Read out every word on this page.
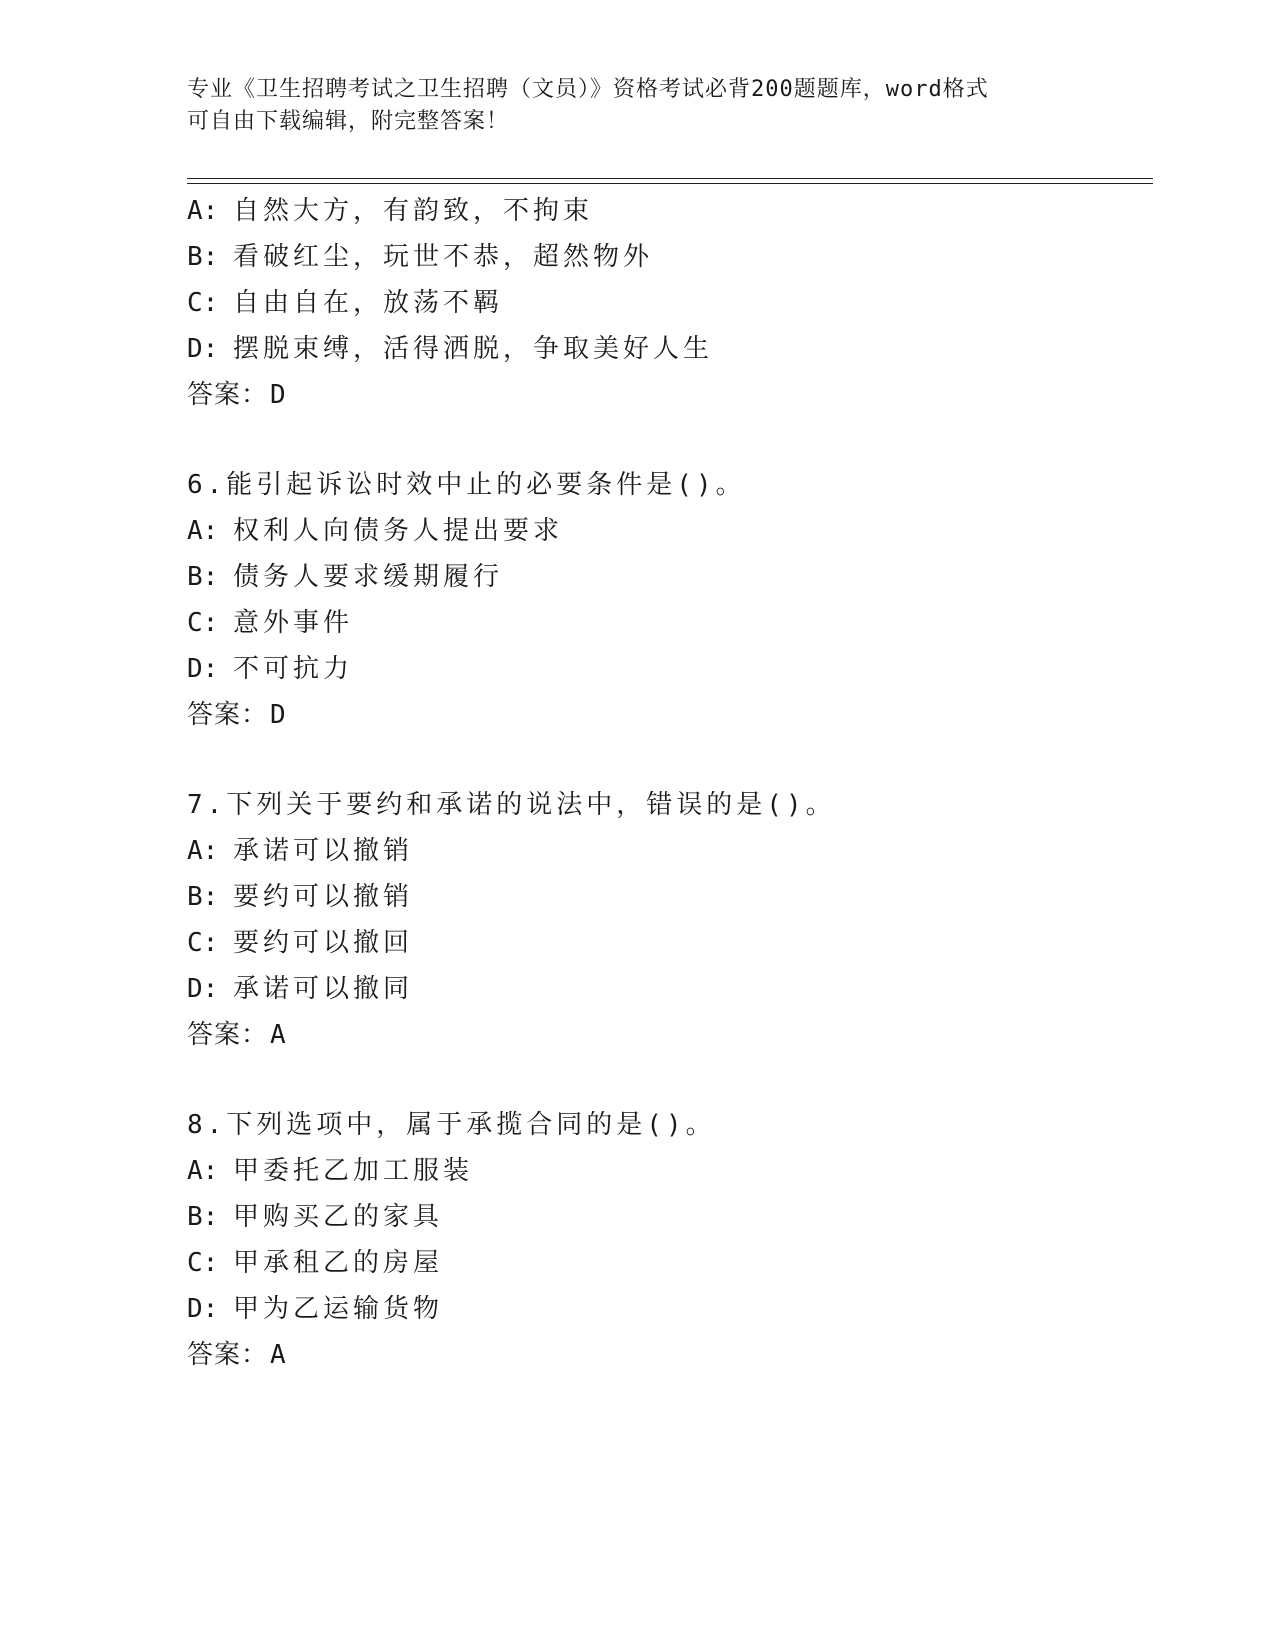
专业《卫生招聘考试之卫生招聘（文员）》资格考试必背200题题库，word格式
可自由下载编辑，附完整答案！
A: 自然大方，有韵致，不拘束
B: 看破红尘，玩世不恭，超然物外
C: 自由自在，放荡不羁
D: 摆脱束缚，活得洒脱，争取美好人生
答案：D
6.能引起诉讼时效中止的必要条件是()。
A: 权利人向债务人提出要求
B: 债务人要求缓期履行
C: 意外事件
D: 不可抗力
答案：D
7.下列关于要约和承诺的说法中，错误的是()。
A: 承诺可以撤销
B: 要约可以撤销
C: 要约可以撤回
D: 承诺可以撤同
答案：A
8.下列选项中，属于承揽合同的是()。
A: 甲委托乙加工服装
B: 甲购买乙的家具
C: 甲承租乙的房屋
D: 甲为乙运输货物
答案：A
